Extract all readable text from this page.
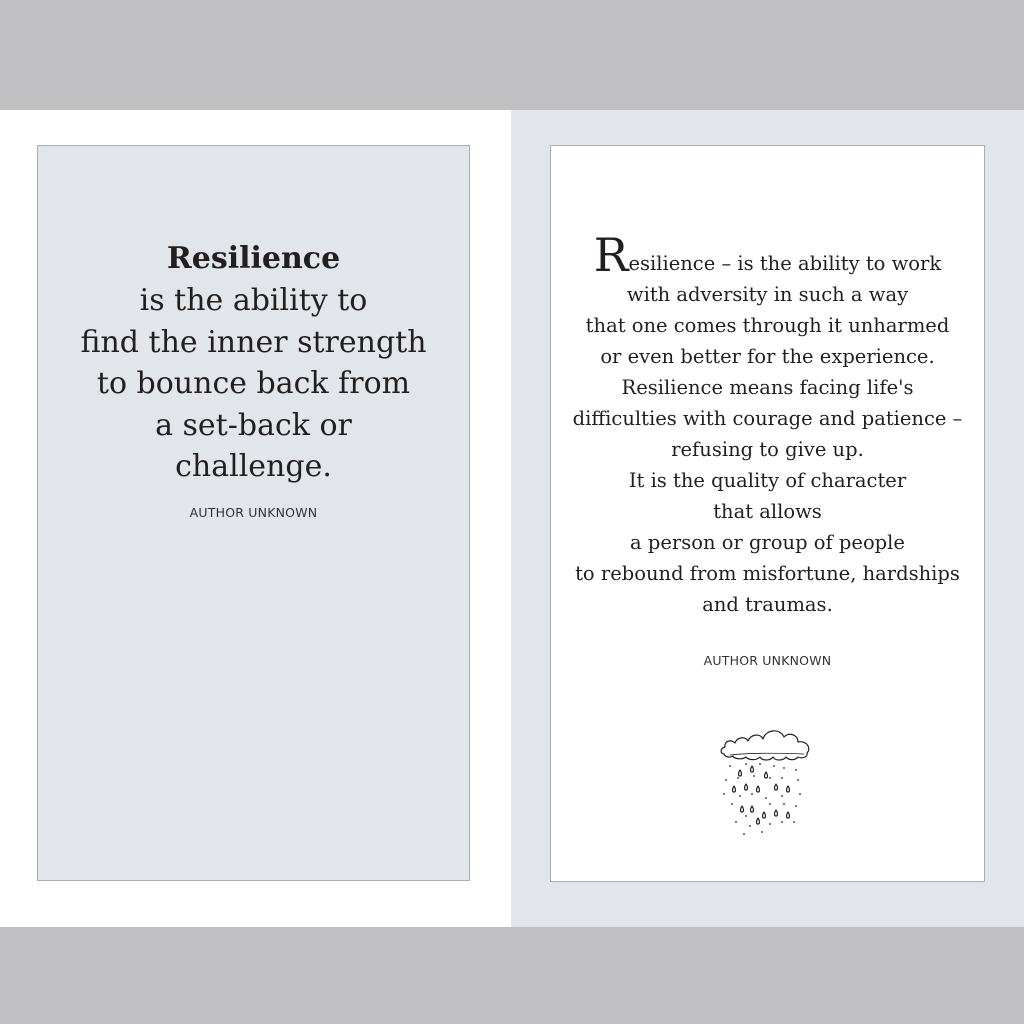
Resilience
is the ability to
find the inner strength
to bounce back from
a set-back or
challenge.
AUTHOR UNKNOWN
Resilience – is the ability to work
with adversity in such a way
that one comes through it unharmed
or even better for the experience.
Resilience means facing life's
difficulties with courage and patience –
refusing to give up.
It is the quality of character
that allows
a person or group of people
to rebound from misfortune, hardships
and traumas.
AUTHOR UNKNOWN
